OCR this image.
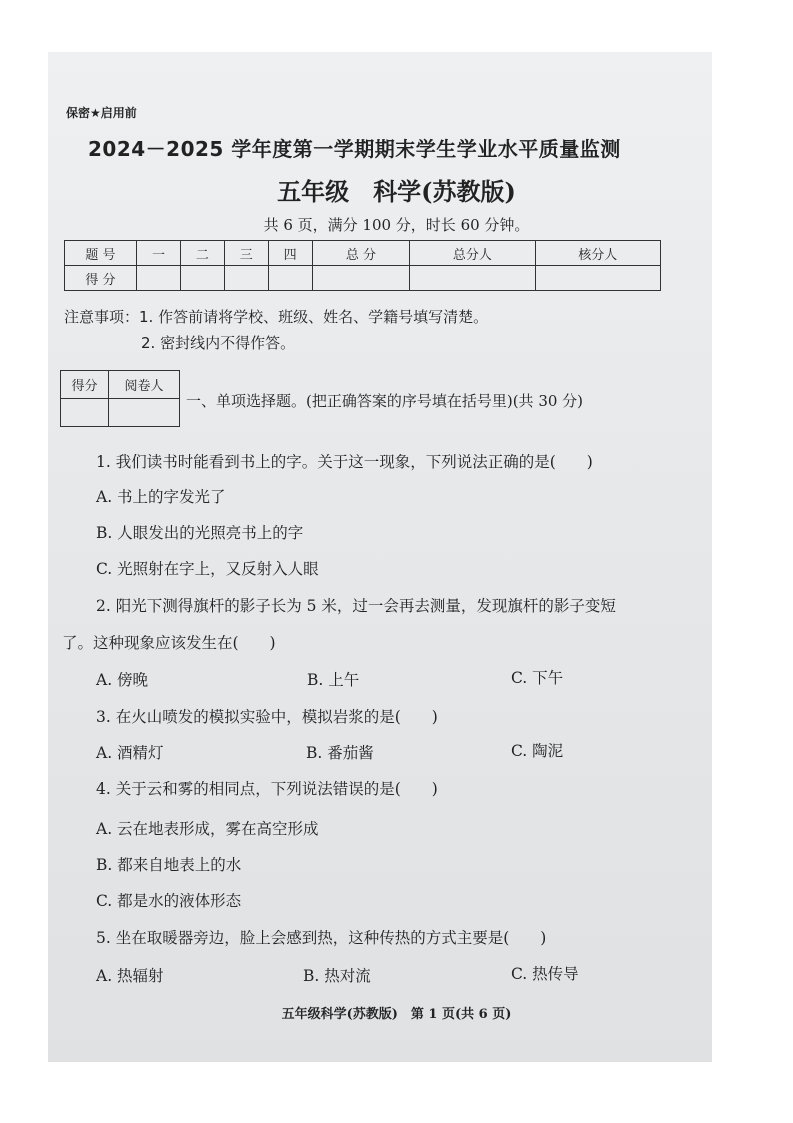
保密★启用前
2024－2025 学年度第一学期期末学生学业水平质量监测
五年级　科学(苏教版)
共 6 页，满分 100 分，时长 60 分钟。
题 号	一	二	三	四	总 分	总分人	核分人
得 分							
注意事项：1. 作答前请将学校、班级、姓名、学籍号填写清楚。
2. 密封线内不得作答。
得分	阅卷人

一、单项选择题。(把正确答案的序号填在括号里)(共 30 分)
1. 我们读书时能看到书上的字。关于这一现象，下列说法正确的是(　　)
A. 书上的字发光了
B. 人眼发出的光照亮书上的字
C. 光照射在字上，又反射入人眼
2. 阳光下测得旗杆的影子长为 5 米，过一会再去测量，发现旗杆的影子变短
了。这种现象应该发生在(　　)
A. 傍晚	B. 上午	C. 下午
3. 在火山喷发的模拟实验中，模拟岩浆的是(　　)
A. 酒精灯	B. 番茄酱	C. 陶泥
4. 关于云和雾的相同点，下列说法错误的是(　　)
A. 云在地表形成，雾在高空形成
B. 都来自地表上的水
C. 都是水的液体形态
5. 坐在取暖器旁边，脸上会感到热，这种传热的方式主要是(　　)
A. 热辐射	B. 热对流	C. 热传导
五年级科学(苏教版)　第 1 页(共 6 页)
